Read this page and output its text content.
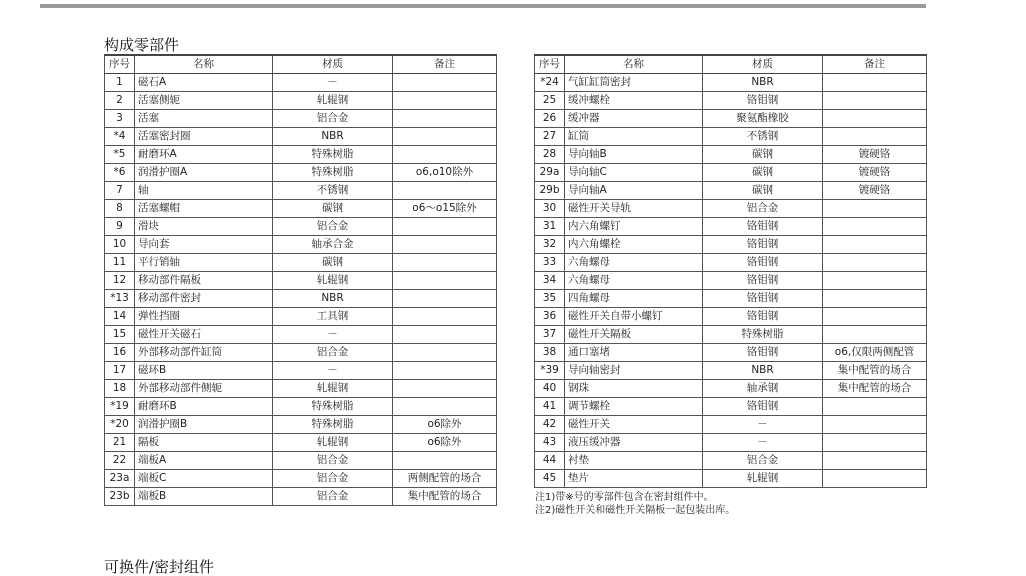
构成零部件
序号	名称	材质	备注
1	磁石A	－	
2	活塞侧轭	轧辊钢	
3	活塞	铝合金	
*4	活塞密封圈	NBR	
*5	耐磨环A	特殊树脂	
*6	润滑护圈A	特殊树脂	o6,o10除外
7	轴	不锈钢	
8	活塞螺帽	碳钢	o6～o15除外
9	滑块	铝合金	
10	导向套	轴承合金	
11	平行销轴	碳钢	
12	移动部件隔板	轧辊钢	
*13	移动部件密封	NBR	
14	弹性挡圈	工具钢	
15	磁性开关磁石	－	
16	外部移动部件缸筒	铝合金	
17	磁环B	－	
18	外部移动部件侧轭	轧辊钢	
*19	耐磨环B	特殊树脂	
*20	润滑护圈B	特殊树脂	o6除外
21	隔板	轧辊钢	o6除外
22	端板A	铝合金	
23a	端板C	铝合金	两侧配管的场合
23b	端板B	铝合金	集中配管的场合
序号	名称	材质	备注
*24	气缸缸筒密封	NBR	
25	缓冲螺栓	铬钼钢	
26	缓冲器	聚氨酯橡胶	
27	缸筒	不锈钢	
28	导向轴B	碳钢	镀硬铬
29a	导向轴C	碳钢	镀硬铬
29b	导向轴A	碳钢	镀硬铬
30	磁性开关导轨	铝合金	
31	内六角螺钉	铬钼钢	
32	内六角螺栓	铬钼钢	
33	六角螺母	铬钼钢	
34	六角螺母	铬钼钢	
35	四角螺母	铬钼钢	
36	磁性开关自带小螺钉	铬钼钢	
37	磁性开关隔板	特殊树脂	
38	通口塞堵	铬钼钢	o6,仅限两侧配管
*39	导向轴密封	NBR	集中配管的场合
40	钢珠	轴承钢	集中配管的场合
41	调节螺栓	铬钼钢	
42	磁性开关	－	
43	液压缓冲器	－	
44	衬垫	铝合金	
45	垫片	轧辊钢	
注1)带※号的零部件包含在密封组件中。
注2)磁性开关和磁性开关隔板一起包装出库。
可换件/密封组件
